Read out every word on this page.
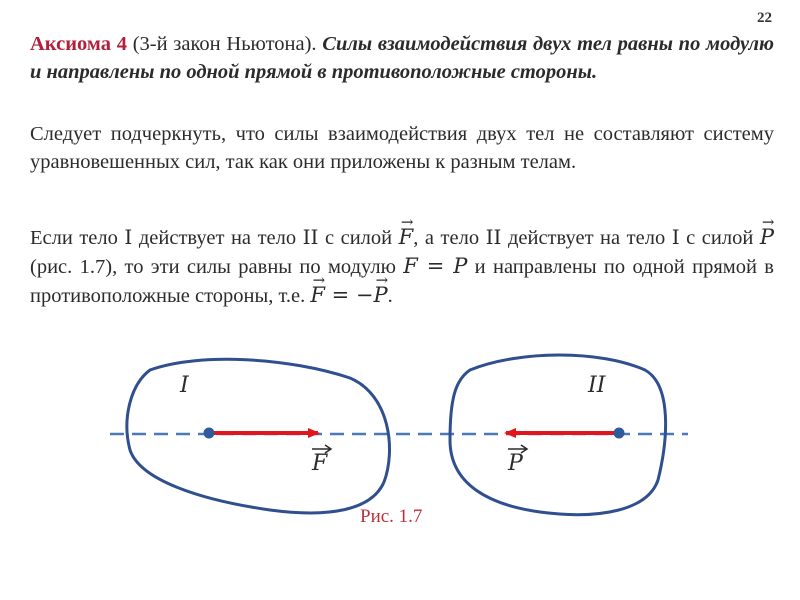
22

Аксиома 4 (3-й закон Ньютона). Силы взаимодействия двух тел равны по модулю и направлены по одной прямой в противоположные стороны.

Следует подчеркнуть, что силы взаимодействия двух тел не составляют систему уравновешенных сил, так как они приложены к разным телам.

Если тело I действует на тело II с силой → F, а тело II действует на тело I с силой → P (рис. 1.7), то эти силы равны по модулю F = P и направлены по одной прямой в противоположные стороны, т.е. → F = −→ P.

I	II
F	P
Рис. 1.7
